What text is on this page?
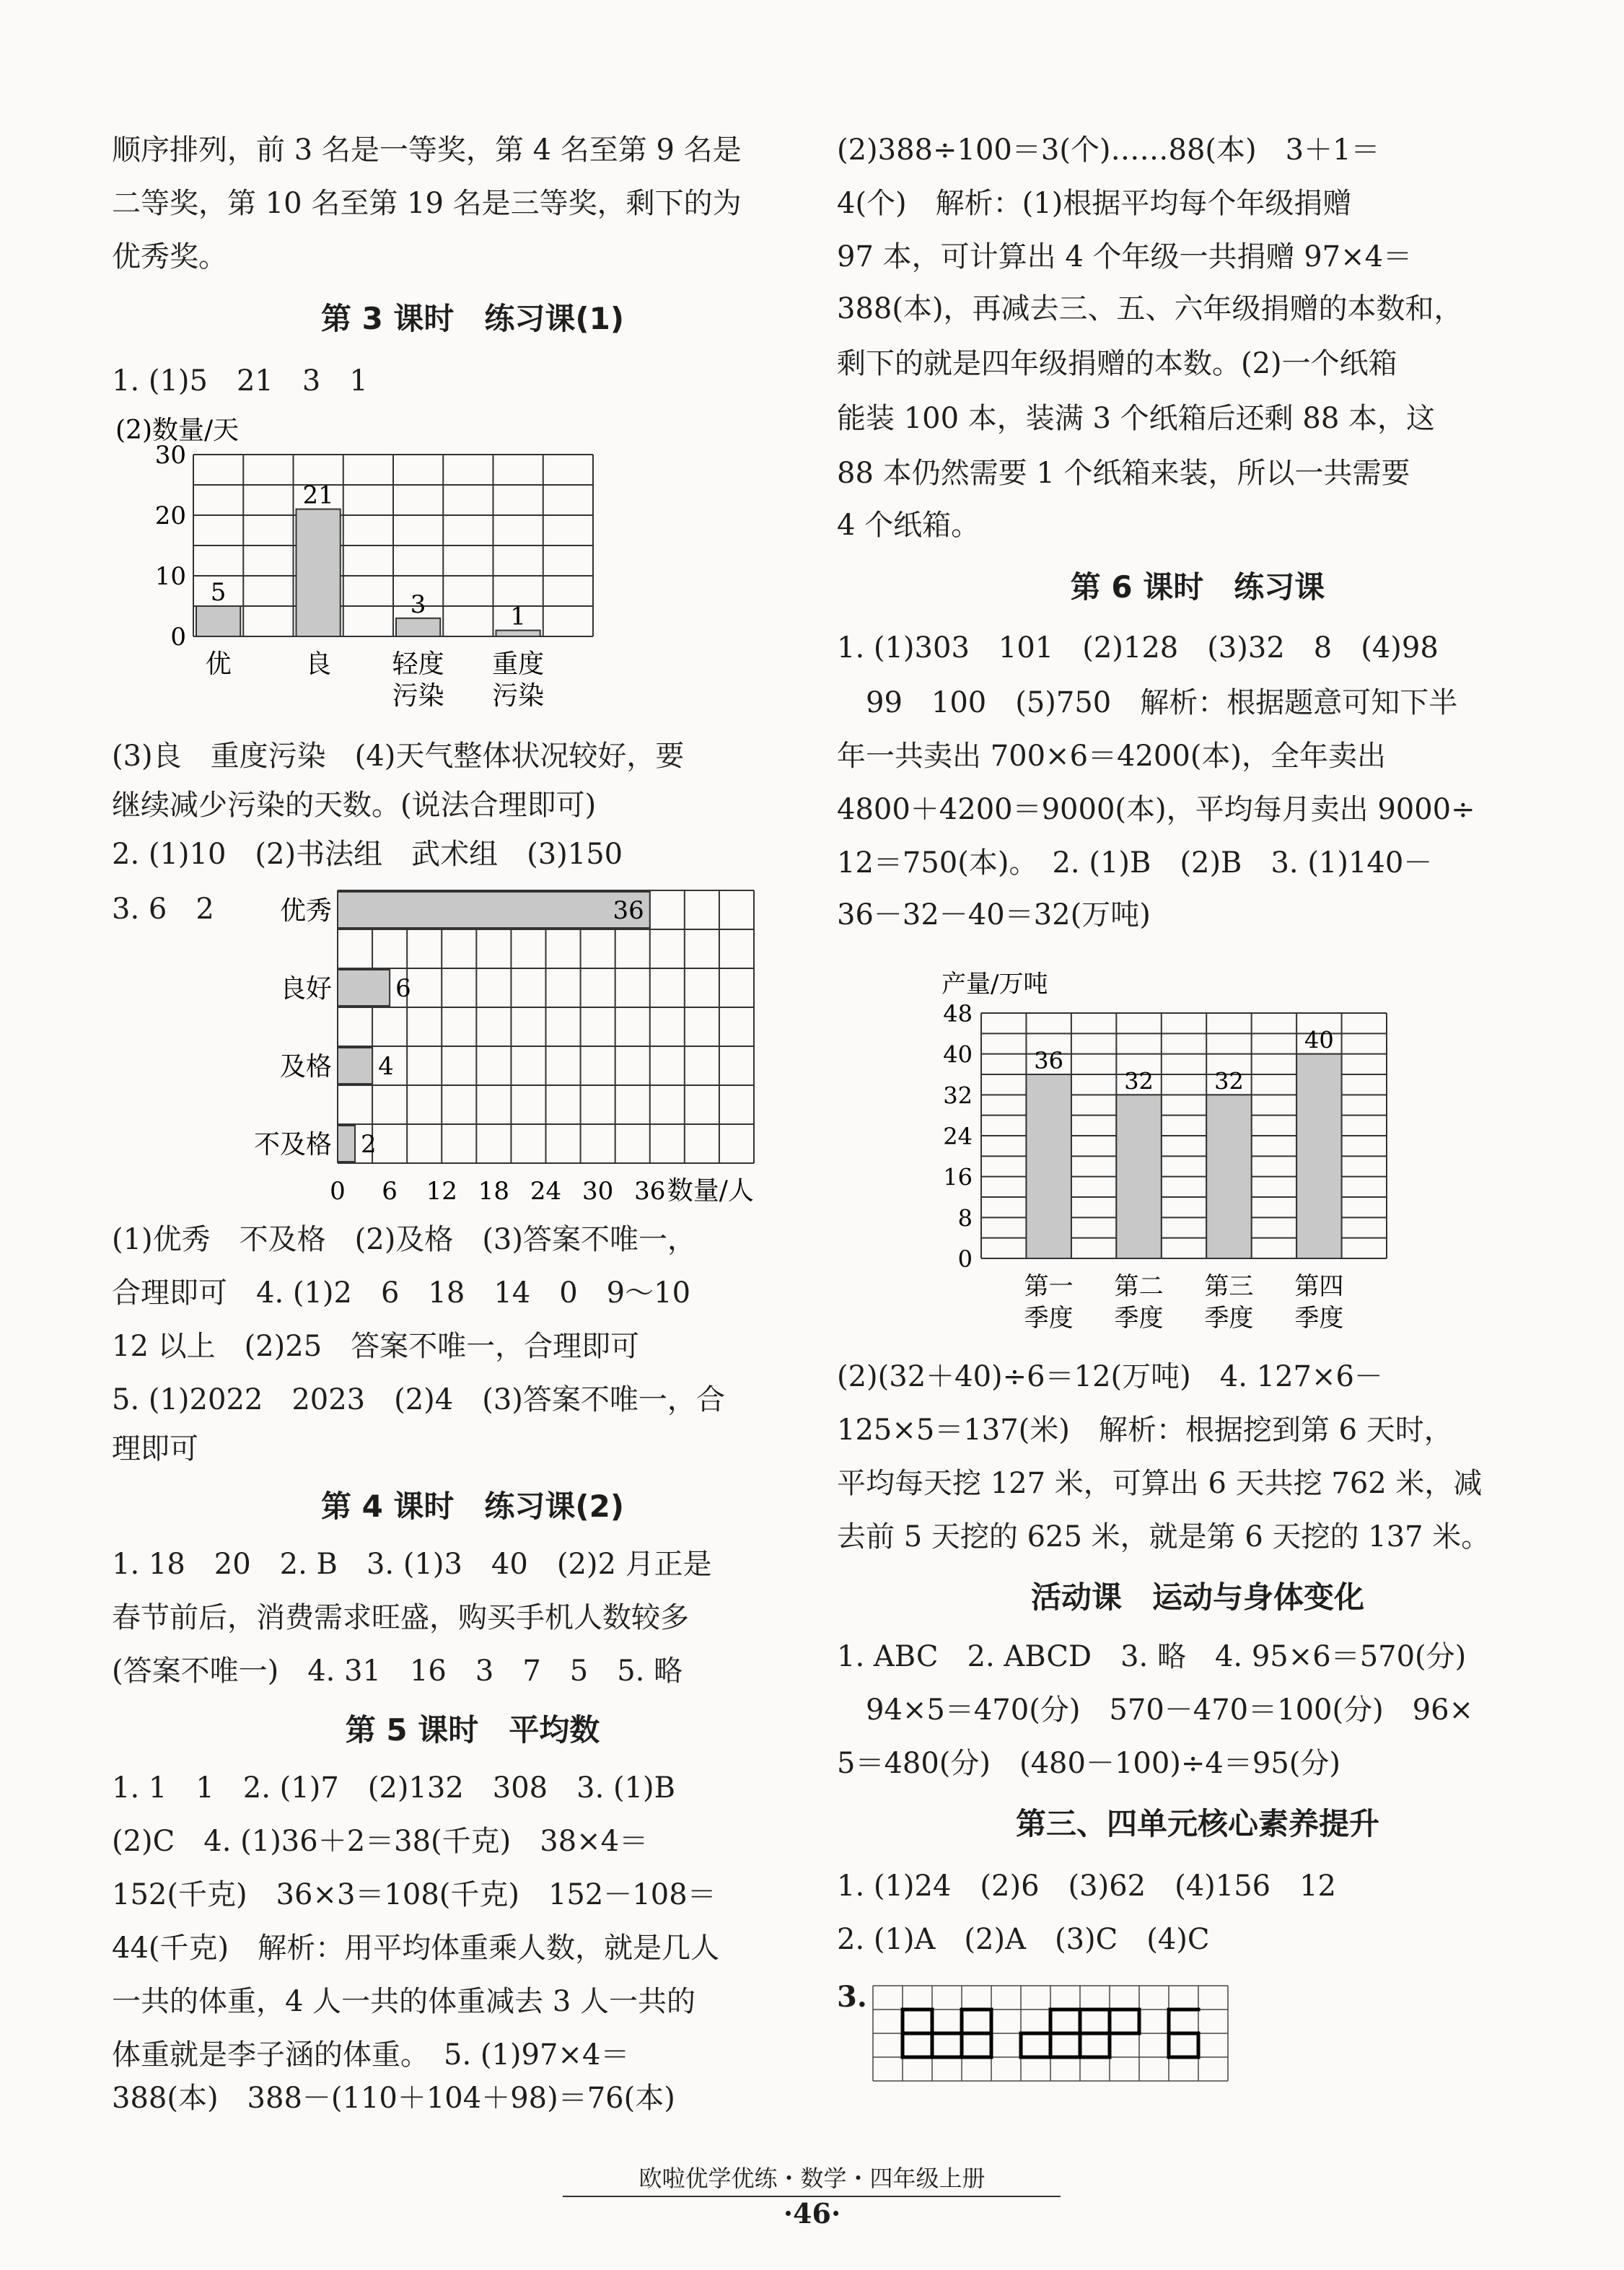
顺序排列，前 3 名是一等奖，第 4 名至第 9 名是
二等奖，第 10 名至第 19 名是三等奖，剩下的为
优秀奖。
第 3 课时　练习课(1)
1. (1)5　21　3　1
(3)良　重度污染　(4)天气整体状况较好，要
继续减少污染的天数。(说法合理即可)
2. (1)10　(2)书法组　武术组　(3)150
3. 6　2
(1)优秀　不及格　(2)及格　(3)答案不唯一，
合理即可　4. (1)2　6　18　14　0　9～10
12 以上　(2)25　答案不唯一，合理即可
5. (1)2022　2023　(2)4　(3)答案不唯一，合
理即可
第 4 课时　练习课(2)
1. 18　20　2. B　3. (1)3　40　(2)2 月正是
春节前后，消费需求旺盛，购买手机人数较多
(答案不唯一)　4. 31　16　3　7　5　5. 略
第 5 课时　平均数
1. 1　1　2. (1)7　(2)132　308　3. (1)B
(2)C　4. (1)36＋2＝38(千克)　38×4＝
152(千克)　36×3＝108(千克)　152－108＝
44(千克)　解析：用平均体重乘人数，就是几人
一共的体重，4 人一共的体重减去 3 人一共的
体重就是李子涵的体重。　5. (1)97×4＝
388(本)　388－(110＋104＋98)＝76(本)
(2)数量/天
0
10
20
30
5
优
21
良
3
轻度
污染
1
重度
污染
36
优秀
6
良好
4
及格
2
不及格
0 6 12 18 24 30 36 数量/人
产量/万吨
0
8
16
24
32
40
48
36
第一
季度
32
第二
季度
32
第三
季度
40
第四
季度
(2)388÷100＝3(个)……88(本)　3＋1＝
4(个)　解析：(1)根据平均每个年级捐赠
97 本，可计算出 4 个年级一共捐赠 97×4＝
388(本)，再减去三、五、六年级捐赠的本数和，
剩下的就是四年级捐赠的本数。(2)一个纸箱
能装 100 本，装满 3 个纸箱后还剩 88 本，这
88 本仍然需要 1 个纸箱来装，所以一共需要
4 个纸箱。
第 6 课时　练习课
1. (1)303　101　(2)128　(3)32　8　(4)98
　99　100　(5)750　解析：根据题意可知下半
年一共卖出 700×6＝4200(本)，全年卖出
4800＋4200＝9000(本)，平均每月卖出 9000÷
12＝750(本)。　2. (1)B　(2)B　3. (1)140－
36－32－40＝32(万吨)
(2)(32＋40)÷6＝12(万吨)　4. 127×6－
125×5＝137(米)　解析：根据挖到第 6 天时，
平均每天挖 127 米，可算出 6 天共挖 762 米，减
去前 5 天挖的 625 米，就是第 6 天挖的 137 米。
活动课　运动与身体变化
1. ABC　2. ABCD　3. 略　4. 95×6＝570(分)
　94×5＝470(分)　570－470＝100(分)　96×
5＝480(分)　(480－100)÷4＝95(分)
第三、四单元核心素养提升
1. (1)24　(2)6　(3)62　(4)156　12
2. (1)A　(2)A　(3)C　(4)C
3.
欧啦优学优练・数学・四年级上册
·46·
